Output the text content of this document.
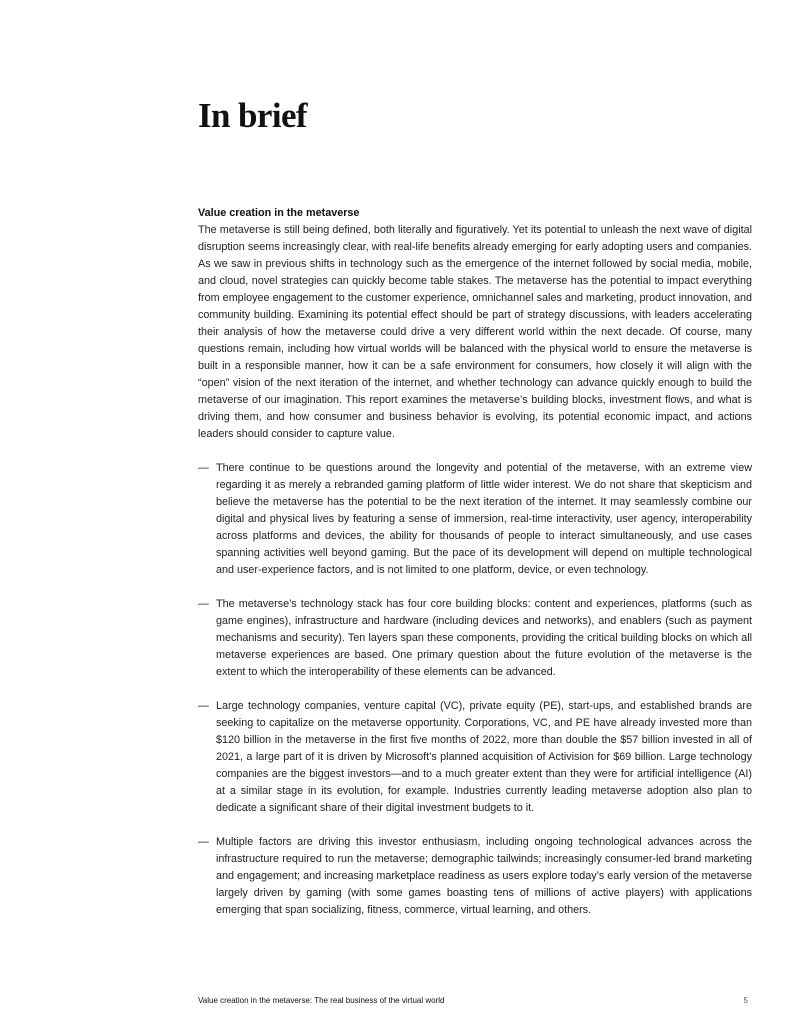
In brief
Value creation in the metaverse

The metaverse is still being defined, both literally and figuratively. Yet its potential to unleash the next wave of digital disruption seems increasingly clear, with real-life benefits already emerging for early adopting users and companies. As we saw in previous shifts in technology such as the emergence of the internet followed by social media, mobile, and cloud, novel strategies can quickly become table stakes. The metaverse has the potential to impact everything from employee engagement to the customer experience, omnichannel sales and marketing, product innovation, and community building. Examining its potential effect should be part of strategy discussions, with leaders accelerating their analysis of how the metaverse could drive a very different world within the next decade. Of course, many questions remain, including how virtual worlds will be balanced with the physical world to ensure the metaverse is built in a responsible manner, how it can be a safe environment for consumers, how closely it will align with the “open” vision of the next iteration of the internet, and whether technology can advance quickly enough to build the metaverse of our imagination. This report examines the metaverse’s building blocks, investment flows, and what is driving them, and how consumer and business behavior is evolving, its potential economic impact, and actions leaders should consider to capture value.

— There continue to be questions around the longevity and potential of the metaverse, with an extreme view regarding it as merely a rebranded gaming platform of little wider interest. We do not share that skepticism and believe the metaverse has the potential to be the next iteration of the internet. It may seamlessly combine our digital and physical lives by featuring a sense of immersion, real-time interactivity, user agency, interoperability across platforms and devices, the ability for thousands of people to interact simultaneously, and use cases spanning activities well beyond gaming. But the pace of its development will depend on multiple technological and user-experience factors, and is not limited to one platform, device, or even technology.
— The metaverse’s technology stack has four core building blocks: content and experiences, platforms (such as game engines), infrastructure and hardware (including devices and networks), and enablers (such as payment mechanisms and security). Ten layers span these components, providing the critical building blocks on which all metaverse experiences are based. One primary question about the future evolution of the metaverse is the extent to which the interoperability of these elements can be advanced.
— Large technology companies, venture capital (VC), private equity (PE), start-ups, and established brands are seeking to capitalize on the metaverse opportunity. Corporations, VC, and PE have already invested more than $120 billion in the metaverse in the first five months of 2022, more than double the $57 billion invested in all of 2021, a large part of it is driven by Microsoft’s planned acquisition of Activision for $69 billion. Large technology companies are the biggest investors—and to a much greater extent than they were for artificial intelligence (AI) at a similar stage in its evolution, for example. Industries currently leading metaverse adoption also plan to dedicate a significant share of their digital investment budgets to it.
— Multiple factors are driving this investor enthusiasm, including ongoing technological advances across the infrastructure required to run the metaverse; demographic tailwinds; increasingly consumer-led brand marketing and engagement; and increasing marketplace readiness as users explore today’s early version of the metaverse largely driven by gaming (with some games boasting tens of millions of active players) with applications emerging that span socializing, fitness, commerce, virtual learning, and others.
Value creation in the metaverse: The real business of the virtual world	5
